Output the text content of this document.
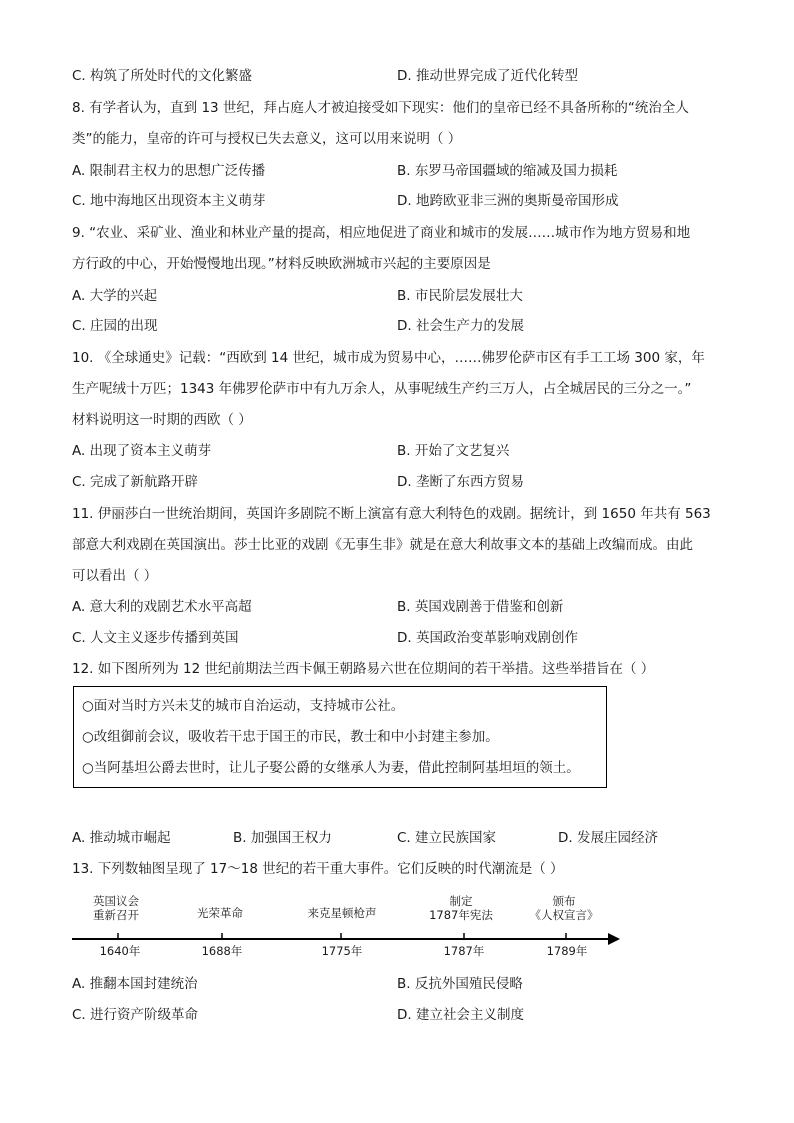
C. 构筑了所处时代的文化繁盛	D. 推动世界完成了近代化转型
8. 有学者认为，直到 13 世纪，拜占庭人才被迫接受如下现实：他们的皇帝已经不具备所称的“统治全人
类”的能力，皇帝的许可与授权已失去意义，这可以用来说明（ ）
A. 限制君主权力的思想广泛传播	B. 东罗马帝国疆域的缩减及国力损耗
C. 地中海地区出现资本主义萌芽	D. 地跨欧亚非三洲的奥斯曼帝国形成
9. “农业、采矿业、渔业和林业产量的提高，相应地促进了商业和城市的发展……城市作为地方贸易和地
方行政的中心，开始慢慢地出现。”材料反映欧洲城市兴起的主要原因是
A. 大学的兴起	B. 市民阶层发展壮大
C. 庄园的出现	D. 社会生产力的发展
10. 《全球通史》记载：“西欧到 14 世纪，城市成为贸易中心，……佛罗伦萨市区有手工工场 300 家，年
生产呢绒十万匹；1343 年佛罗伦萨市中有九万余人，从事呢绒生产约三万人，占全城居民的三分之一。”
材料说明这一时期的西欧（ ）
A. 出现了资本主义萌芽	B. 开始了文艺复兴
C. 完成了新航路开辟	D. 垄断了东西方贸易
11. 伊丽莎白一世统治期间，英国许多剧院不断上演富有意大利特色的戏剧。据统计，到 1650 年共有 563
部意大利戏剧在英国演出。莎士比亚的戏剧《无事生非》就是在意大利故事文本的基础上改编而成。由此
可以看出（ ）
A. 意大利的戏剧艺术水平高超	B. 英国戏剧善于借鉴和创新
C. 人文主义逐步传播到英国	D. 英国政治变革影响戏剧创作
12. 如下图所列为 12 世纪前期法兰西卡佩王朝路易六世在位期间的若干举措。这些举措旨在（ ）
○面对当时方兴未艾的城市自治运动，支持城市公社。
○改组御前会议，吸收若干忠于国王的市民，教士和中小封建主参加。
○当阿基坦公爵去世时，让儿子娶公爵的女继承人为妻，借此控制阿基坦垣的领土。
A. 推动城市崛起	B. 加强国王权力	C. 建立民族国家	D. 发展庄园经济
13. 下列数轴图呈现了 17～18 世纪的若干重大事件。它们反映的时代潮流是（ ）
英国议会
重新召开	光荣革命	来克星顿枪声
制定
1787年宪法
颁布
《人权宣言》
1640年	1688年	1775年	1787年	1789年
A. 推翻本国封建统治	B. 反抗外国殖民侵略
C. 进行资产阶级革命	D. 建立社会主义制度
